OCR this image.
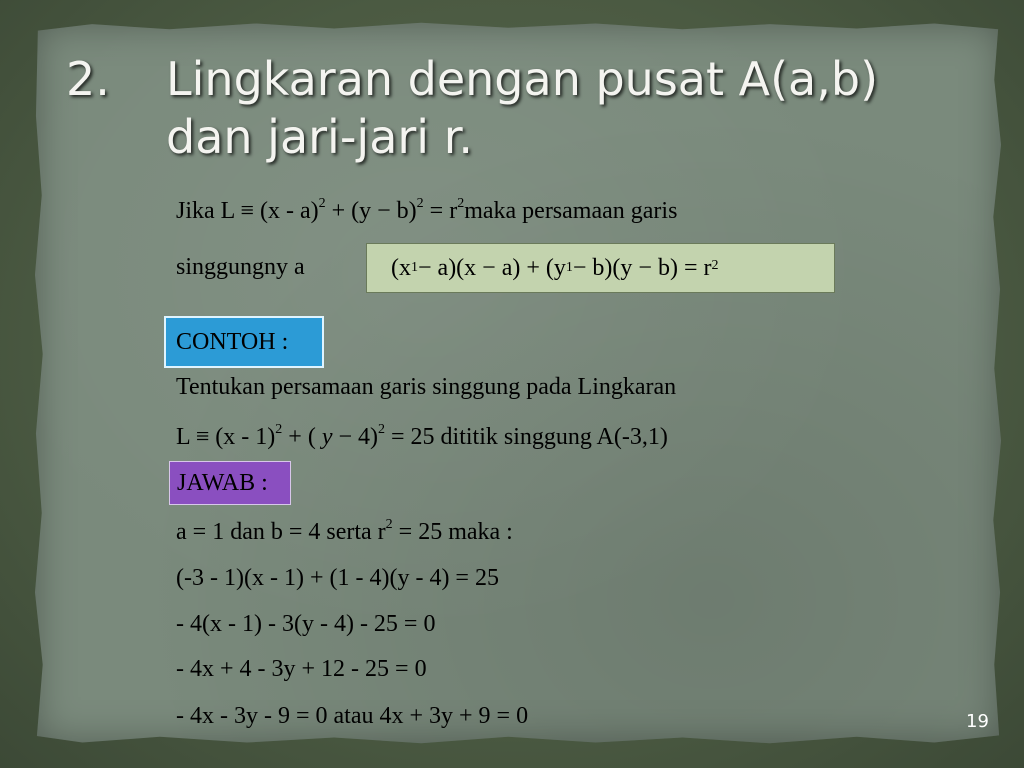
2. Lingkaran dengan pusat A(a,b) dan jari-jari r.
Jika $L \equiv (x - a)^2 + (y - b)^2$ = $r^2maka$ persamaan garis
singgungny a	(x 1 − a)(x − a) + (y $1 - b)(y - b) = r^2$
CONTOH :
Tentukan persamaan garis singgung pada Lingkaran
L ≡ (x - 1)$^2$ + ( y − 4)$^2$ = 25 dititik singgung A(-3,1)
JAWAB :
a = 1 dan b = 4 serta $r^2 = 25$ maka :
(-3 - 1)(x - 1) + (1 - 4)(y - 4) = 25
- 4(x - 1) - 3(y - 4) - 25 = 0
- 4x + 4 - 3y + 12 - 25 = 0
- 4x - 3y - 9 = 0 atau 4x + 3y + 9 = 0	19
